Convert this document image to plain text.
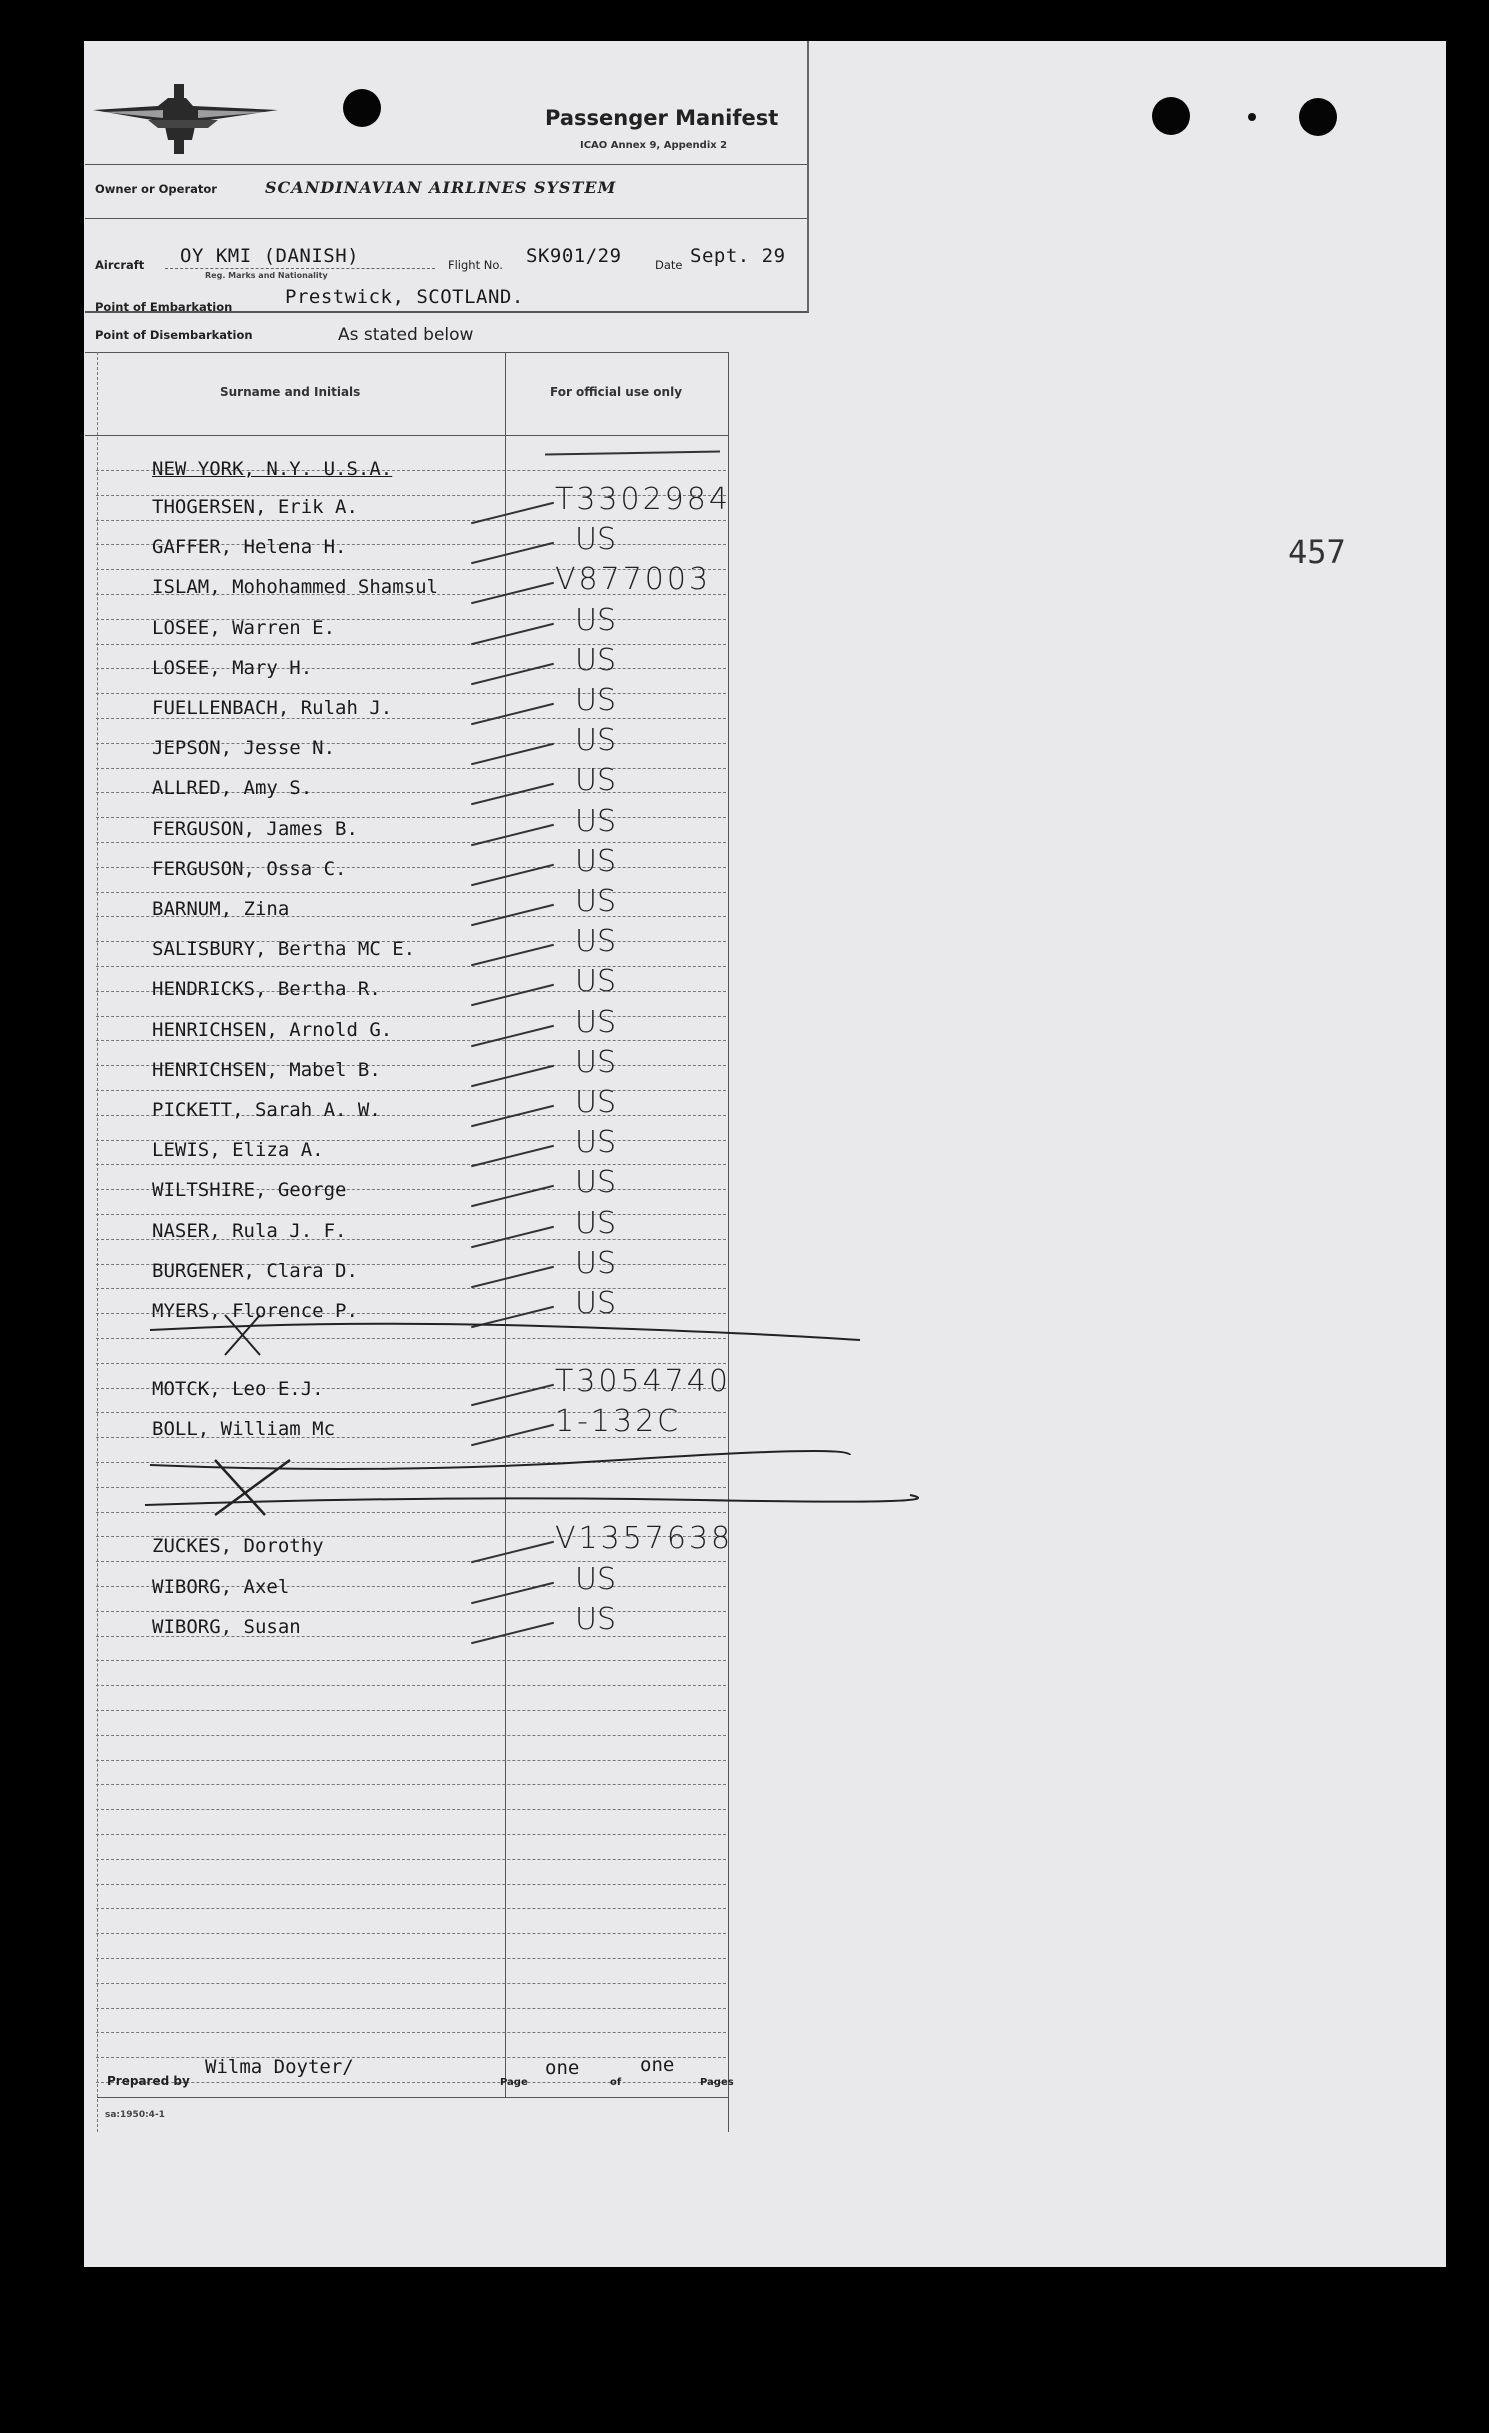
Passenger Manifest
ICAO Annex 9, Appendix 2
Owner or Operator	SCANDINAVIAN AIRLINES SYSTEM
Aircraft OY KMI (DANISH)
Reg. Marks and Nationality
Flight No. SK901/29	Date Sept. 29
Point of Embarkation	Prestwick, SCOTLAND.
Point of Disembarkation	As stated below
Surname and Initials	For official use only
457
NEW YORK, N.Y. U.S.A.
THOGERSEN, Erik A.	T3302984
GAFFER, Helena H.	US
ISLAM, Mohohammed Shamsul	V877003
LOSEE, Warren E.	US
LOSEE, Mary H.	US
FUELLENBACH, Rulah J.	US
JEPSON, Jesse N.	US
ALLRED, Amy S.	US
FERGUSON, James B.	US
FERGUSON, Ossa C.	US
BARNUM, Zina	US
SALISBURY, Bertha MC E.	US
HENDRICKS, Bertha R.	US
HENRICHSEN, Arnold G.	US
HENRICHSEN, Mabel B.	US
PICKETT, Sarah A. W.	US
LEWIS, Eliza A.	US
WILTSHIRE, George	US
NASER, Rula J. F.	US
BURGENER, Clara D.	US
MYERS, Florence P.	US
MOTCK, Leo E.J.	T3054740
BOLL, William Mc	1-132C
ZUCKES, Dorothy	V1357638
WIBORG, Axel	US
WIBORG, Susan	US
Prepared by
Wilma Doyter/
Page
one
of
one
Pages
sa:1950:4-1
